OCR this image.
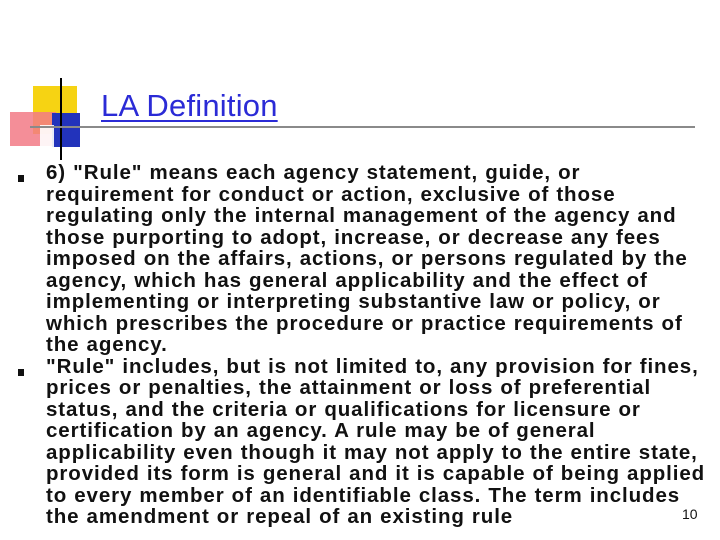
LA Definition

6) "Rule" means each agency statement, guide, or requirement for conduct or action, exclusive of those regulating only the internal management of the agency and those purporting to adopt, increase, or decrease any fees imposed on the affairs, actions, or persons regulated by the agency, which has general applicability and the effect of implementing or interpreting substantive law or policy, or which prescribes the procedure or practice requirements of the agency.

"Rule" includes, but is not limited to, any provision for fines, prices or penalties, the attainment or loss of preferential status, and the criteria or qualifications for licensure or certification by an agency. A rule may be of general applicability even though it may not apply to the entire state, provided its form is general and it is capable of being applied to every member of an identifiable class. The term includes the amendment or repeal of an existing rule	10
